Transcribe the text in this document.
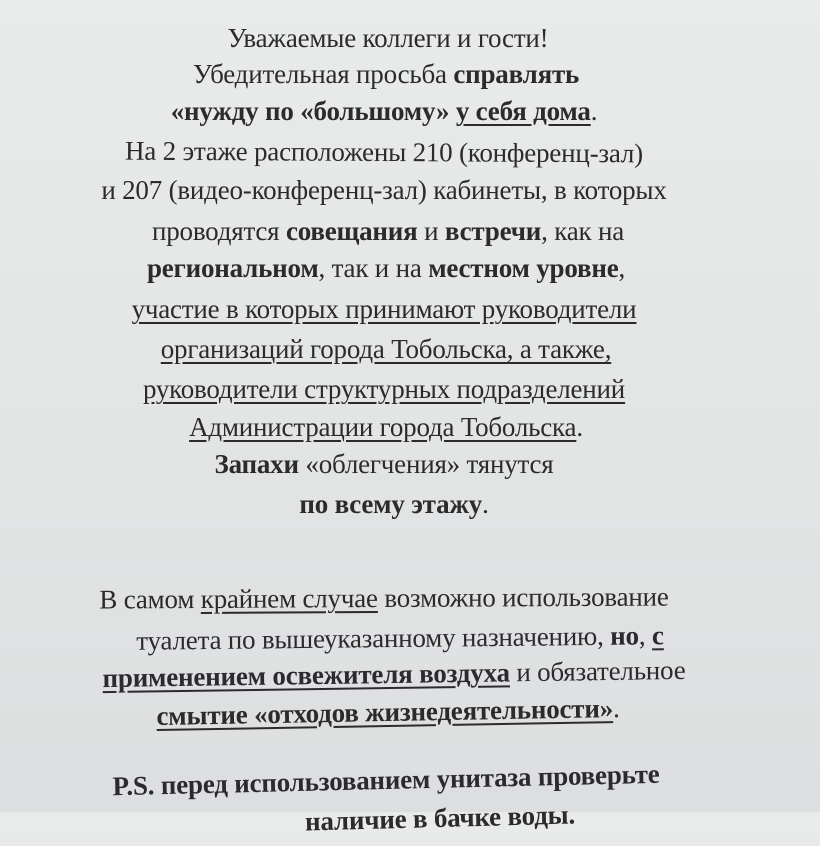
Уважаемые коллеги и гости!
Убедительная просьба справлять
«нужду по «большому» у себя дома.
На 2 этаже расположены 210 (конференц-зал)
и 207 (видео-конференц-зал) кабинеты, в которых
проводятся совещания и встречи, как на
региональном, так и на местном уровне,
участие в которых принимают руководители
организаций города Тобольска, а также,
руководители структурных подразделений
Администрации города Тобольска.
Запахи «облегчения» тянутся
по всему этажу.
В самом крайнем случае возможно использование
туалета по вышеуказанному назначению, но, с
применением освежителя воздуха и обязательное
смытие «отходов жизнедеятельности».
P.S. перед использованием унитаза проверьте
наличие в бачке воды.
